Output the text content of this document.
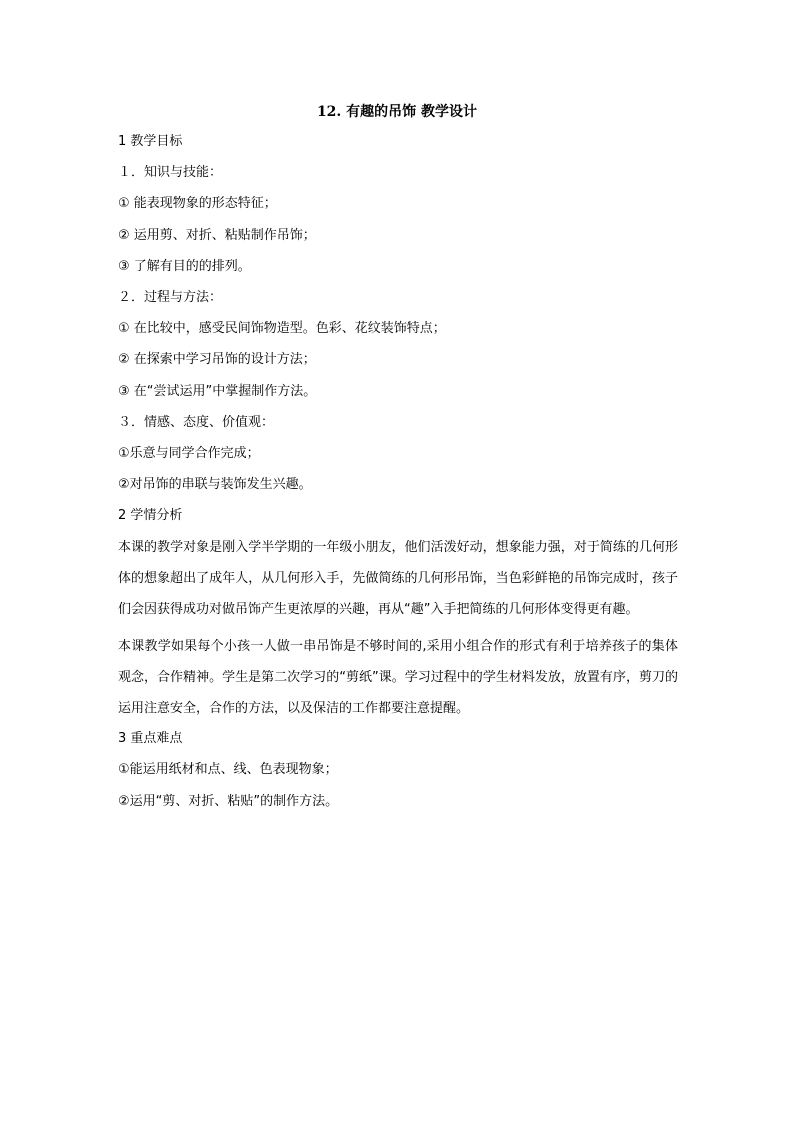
12. 有趣的吊饰 教学设计
1 教学目标
１．知识与技能：
① 能表现物象的形态特征；
② 运用剪、对折、粘贴制作吊饰；
③ 了解有目的的排列。
２．过程与方法：
① 在比较中，感受民间饰物造型。色彩、花纹装饰特点；
② 在探索中学习吊饰的设计方法；
③ 在“尝试运用”中掌握制作方法。
３．情感、态度、价值观：
①乐意与同学合作完成；
②对吊饰的串联与装饰发生兴趣。
2 学情分析

本课的教学对象是刚入学半学期的一年级小朋友，他们活泼好动，想象能力强，对于简练的几何形体的想象超出了成年人，从几何形入手，先做简练的几何形吊饰，当色彩鲜艳的吊饰完成时，孩子们会因获得成功对做吊饰产生更浓厚的兴趣，再从“趣”入手把简练的几何形体变得更有趣。

本课教学如果每个小孩一人做一串吊饰是不够时间的,采用小组合作的形式有利于培养孩子的集体观念，合作精神。学生是第二次学习的“剪纸”课。学习过程中的学生材料发放，放置有序，剪刀的运用注意安全，合作的方法，以及保洁的工作都要注意提醒。

3 重点难点
①能运用纸材和点、线、色表现物象；
②运用“剪、对折、粘贴”的制作方法。
